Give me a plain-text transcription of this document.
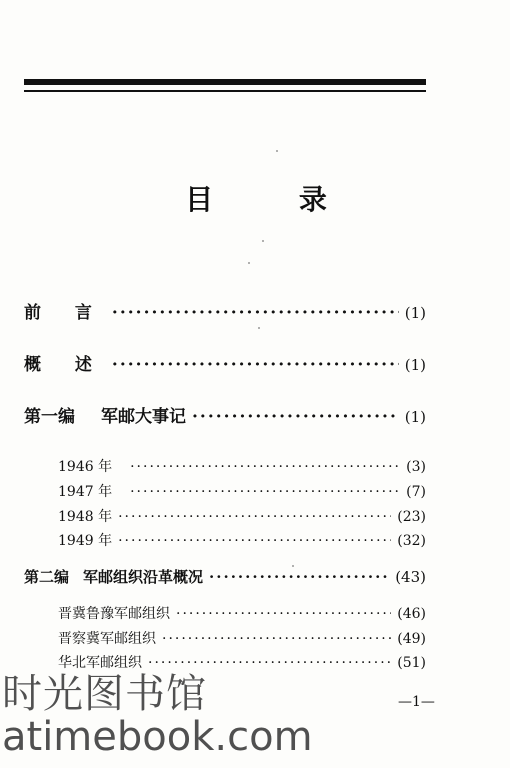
目 录
前 言 ·····	(1)
概 述 ·····	(1)
第一编 军邮大事记 ·····	(1)
1946 年 ·····	(3)
1947 年 ·····	(7)
1948 年 ·····	(23)
1949 年 ·····	(32)
第二编 军邮组织沿革概况 ·····	(43)
晋冀鲁豫军邮组织 ·····	(46)
晋察冀军邮组织 ·····	(49)
华北军邮组织 ·····	(51)
—1—
时光图书馆
atimebook.com
